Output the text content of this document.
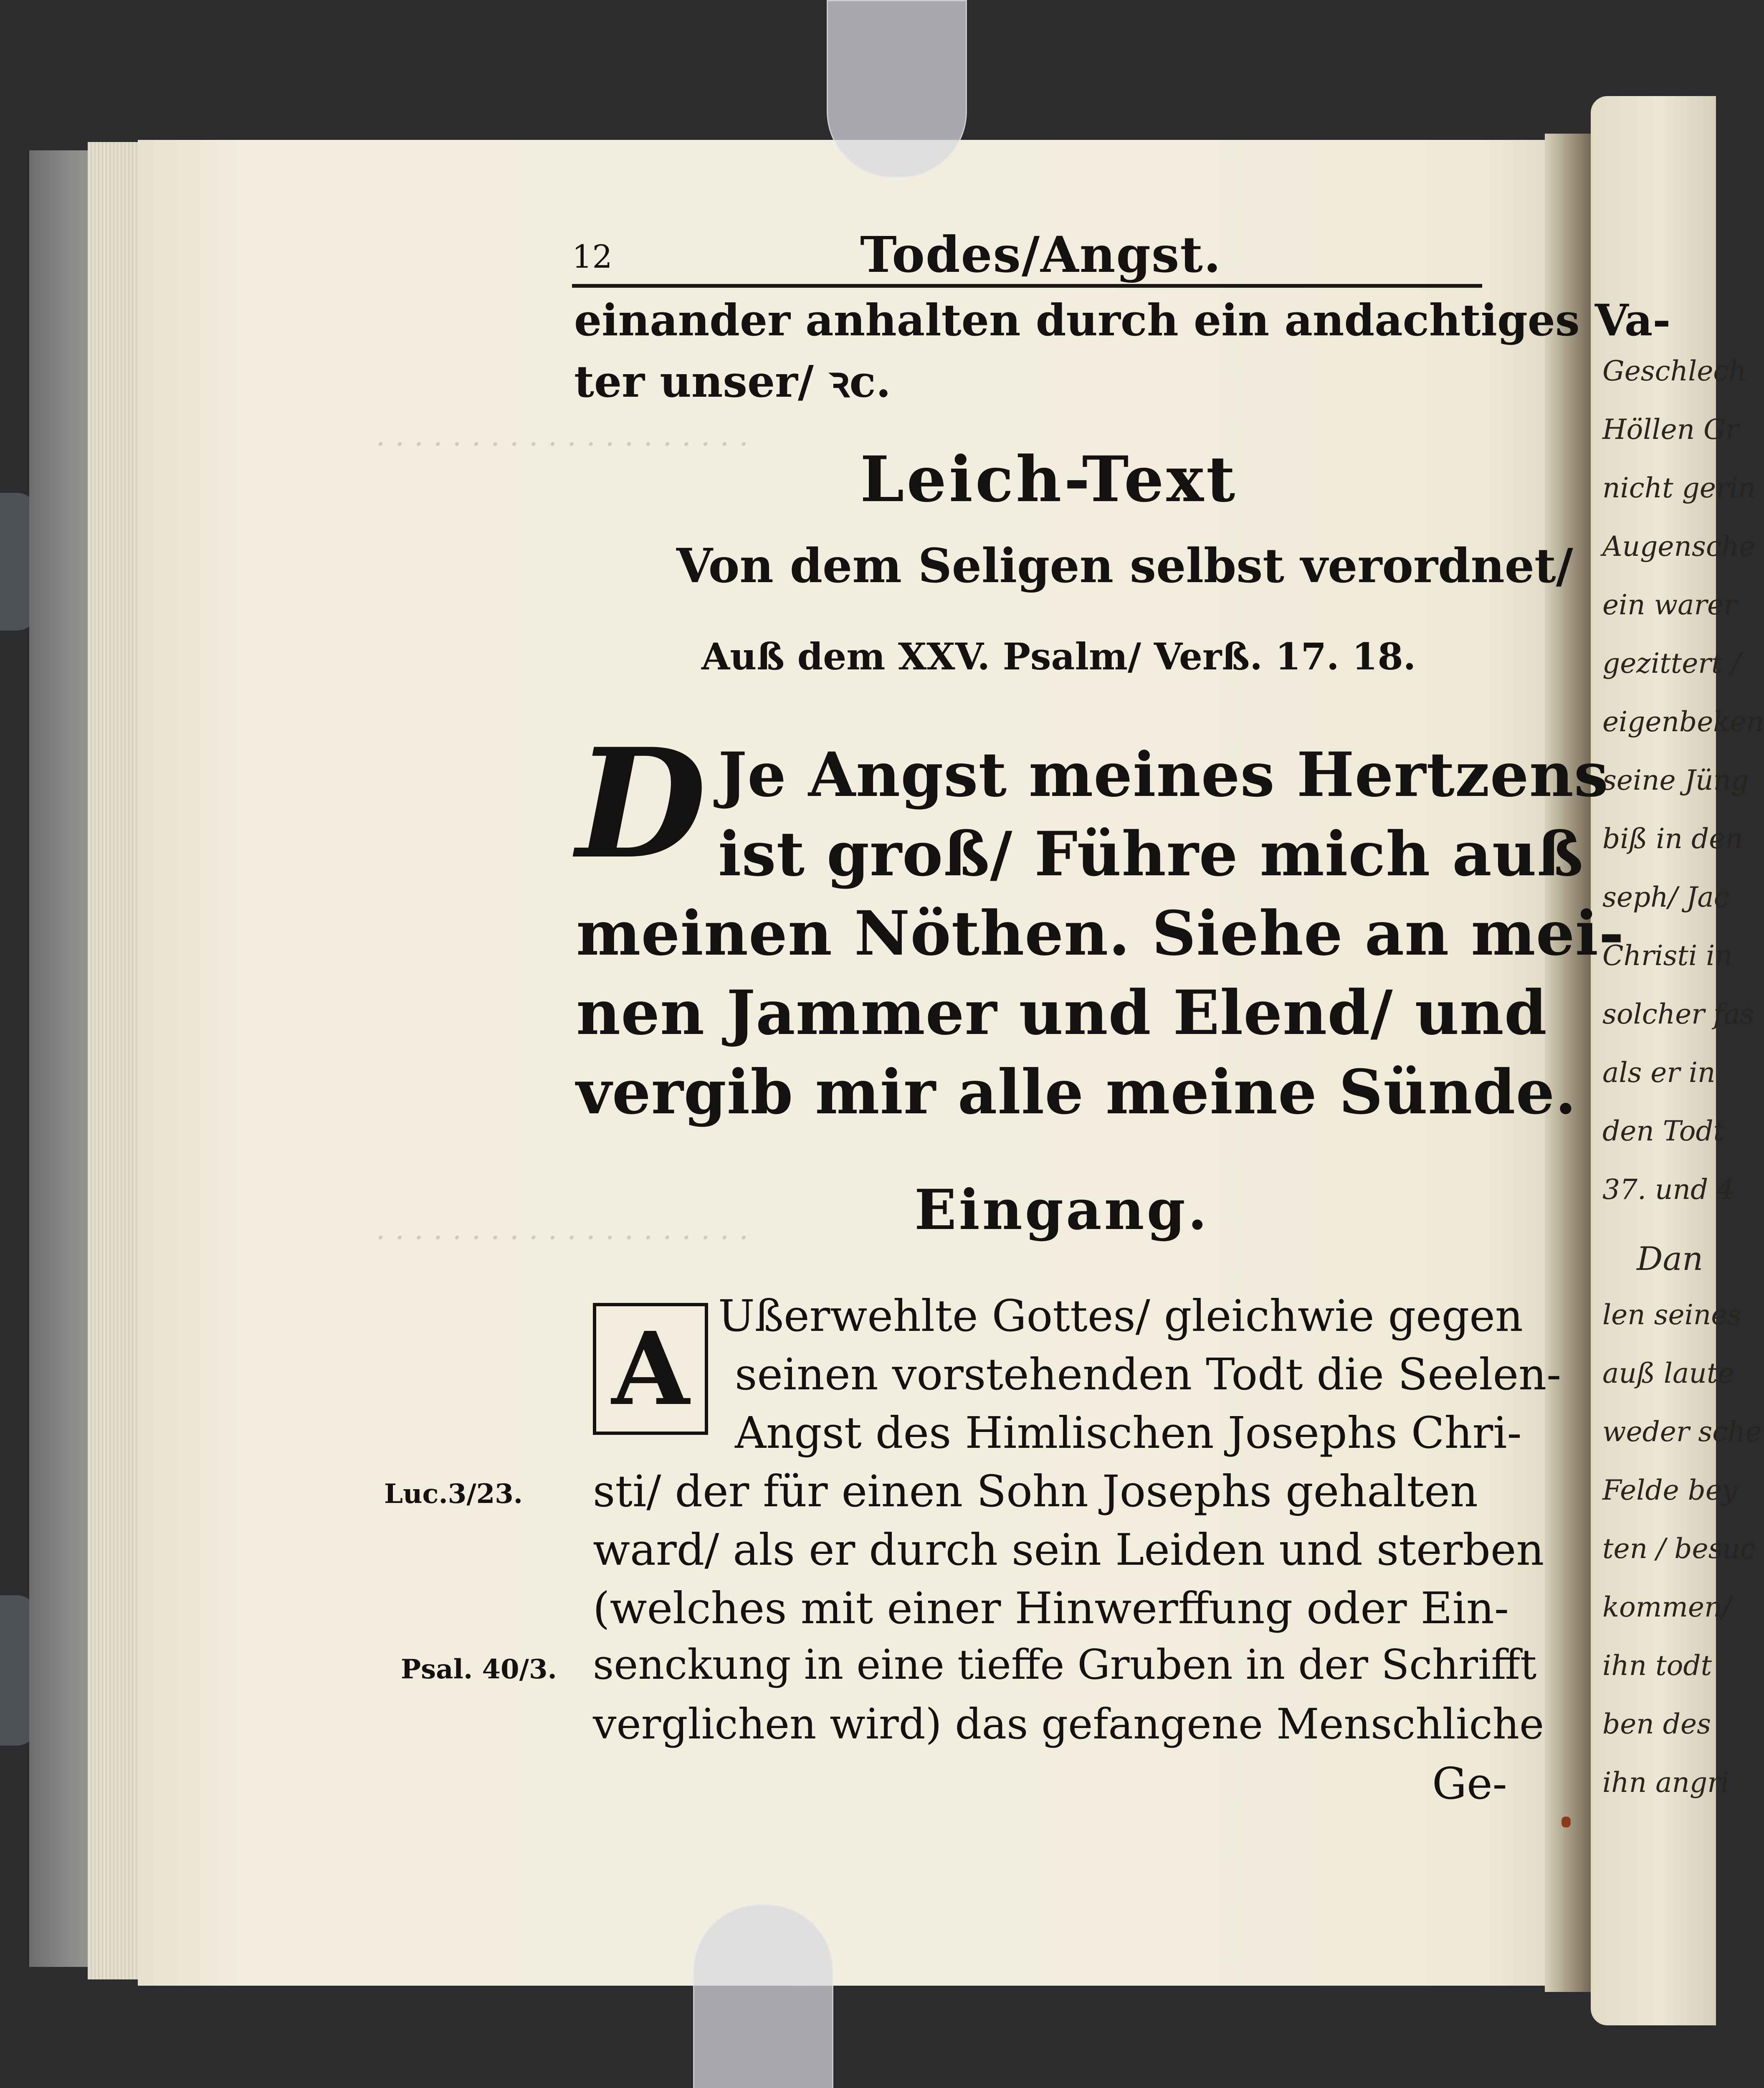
. . . . . . . . . . . . . . . . . . . .
. . . . . . . . . . . . . . . . . . . .
Geschlech
Höllen Gr
nicht gerin
Augensche
ein warer
gezittert /
eigenbeken
seine Jüng
biß in den
seph/ Jac
Christi in
solcher fas
als er in
den Todt
37. und 4
Dan
len seines
auß laute
weder sche
Felde bey
ten / besuc
kommen/
ihn todt
ben des
ihn angri
12	Todes/Angst.
einander anhalten durch ein andachtiges Va-
ter unser/ ꝛc.
Leich-Text
Von dem Seligen selbst verordnet/
Auß dem XXV. Psalm/ Verß. 17. 18.
D Je Angst meines Hertzens
ist groß/ Führe mich auß
meinen Nöthen. Siehe an mei-
nen Jammer und Elend/ und
vergib mir alle meine Sünde.
Eingang.
A Ußerwehlte Gottes/ gleichwie gegen
seinen vorstehenden Todt die Seelen-
Angst des Himlischen Josephs Chri-
sti/ der für einen Sohn Josephs gehalten
ward/ als er durch sein Leiden und sterben
(welches mit einer Hinwerffung oder Ein-
senckung in eine tieffe Gruben in der Schrifft
verglichen wird) das gefangene Menschliche
Ge-
Luc.3/23.
Psal. 40/3.
